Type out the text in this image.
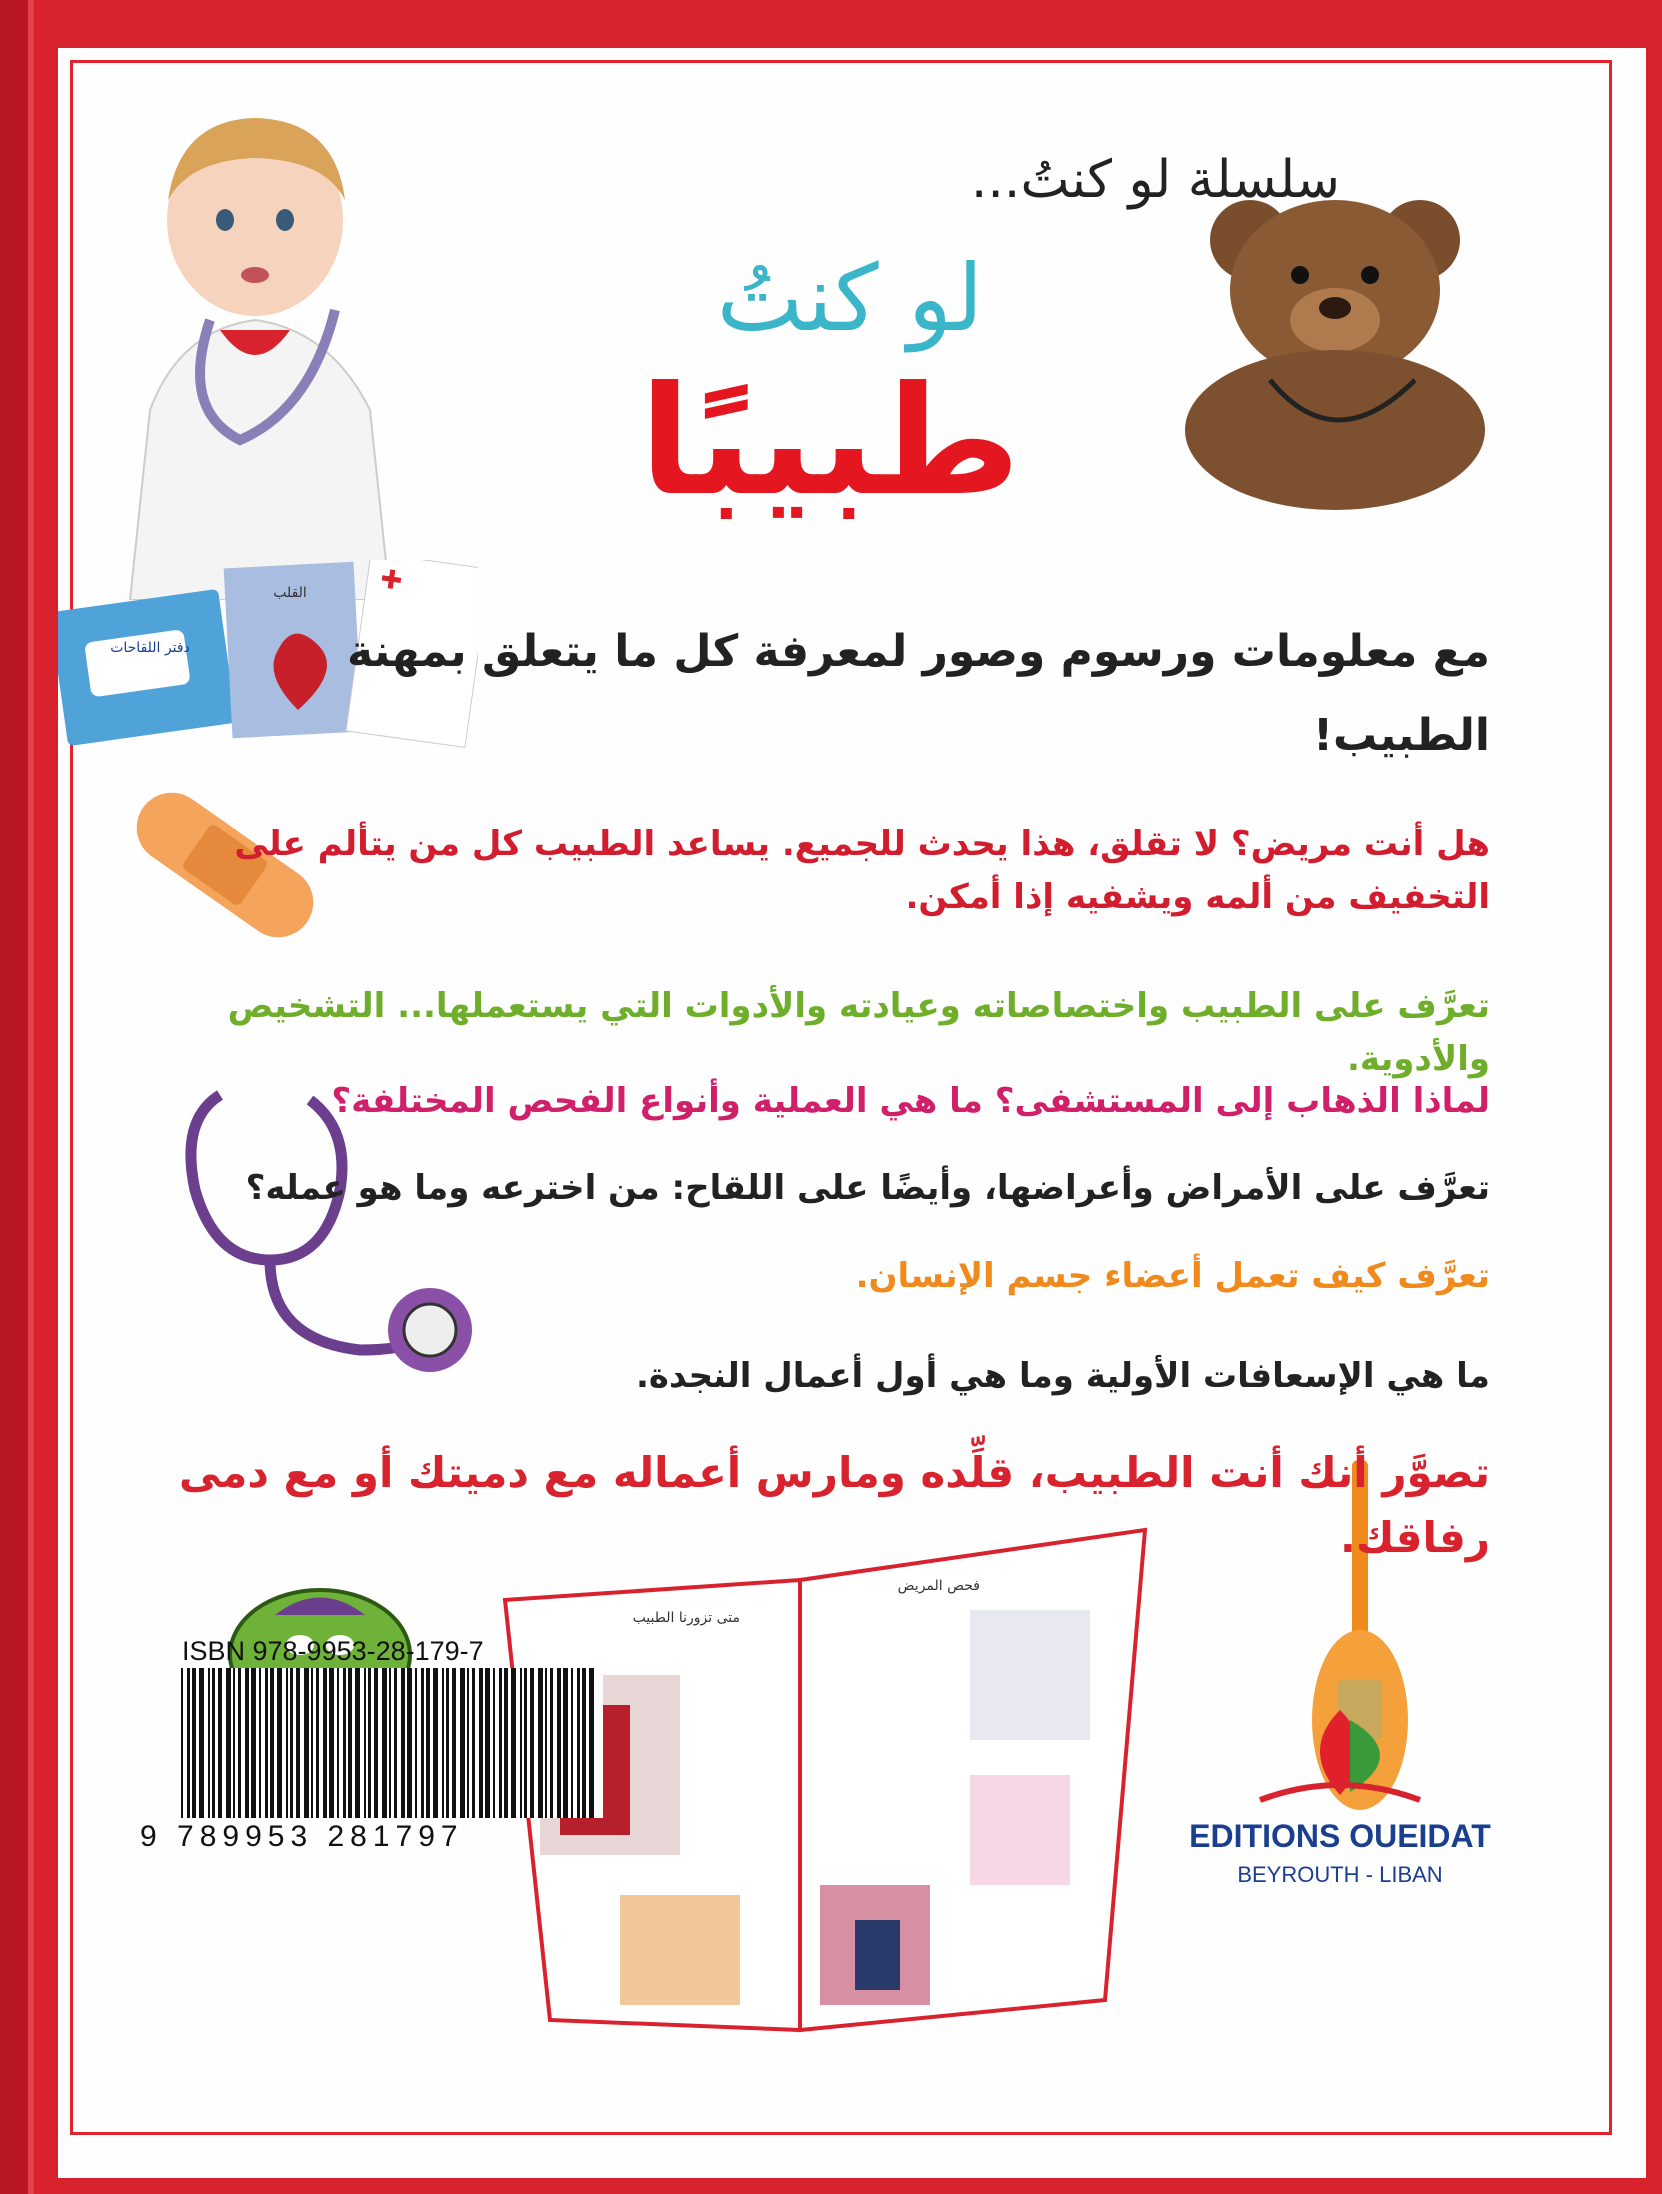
✚
دفتر اللقاحات
القلب
فحص المريض
متى تزورنا الطبيب
سلسلة لو كنتُ...
لو كنتُ
طبيبًا
مع معلومات ورسوم وصور لمعرفة كل ما يتعلق بمهنة الطبيب!
هل أنت مريض؟ لا تقلق، هذا يحدث للجميع. يساعد الطبيب كل من يتألم على التخفيف من ألمه ويشفيه إذا أمكن.
تعرَّف على الطبيب واختصاصاته وعيادته والأدوات التي يستعملها... التشخيص والأدوية.
لماذا الذهاب إلى المستشفى؟ ما هي العملية وأنواع الفحص المختلفة؟
تعرَّف على الأمراض وأعراضها، وأيضًا على اللقاح: من اخترعه وما هو عمله؟
تعرَّف كيف تعمل أعضاء جسم الإنسان.
ما هي الإسعافات الأولية وما هي أول أعمال النجدة.
تصوَّر أنك أنت الطبيب، قلِّده ومارس أعماله مع دميتك أو مع دمى رفاقك.
ISBN 978-9953-28-179-7
9 789953 281797	EDITIONS OUEIDAT
BEYROUTH - LIBAN
